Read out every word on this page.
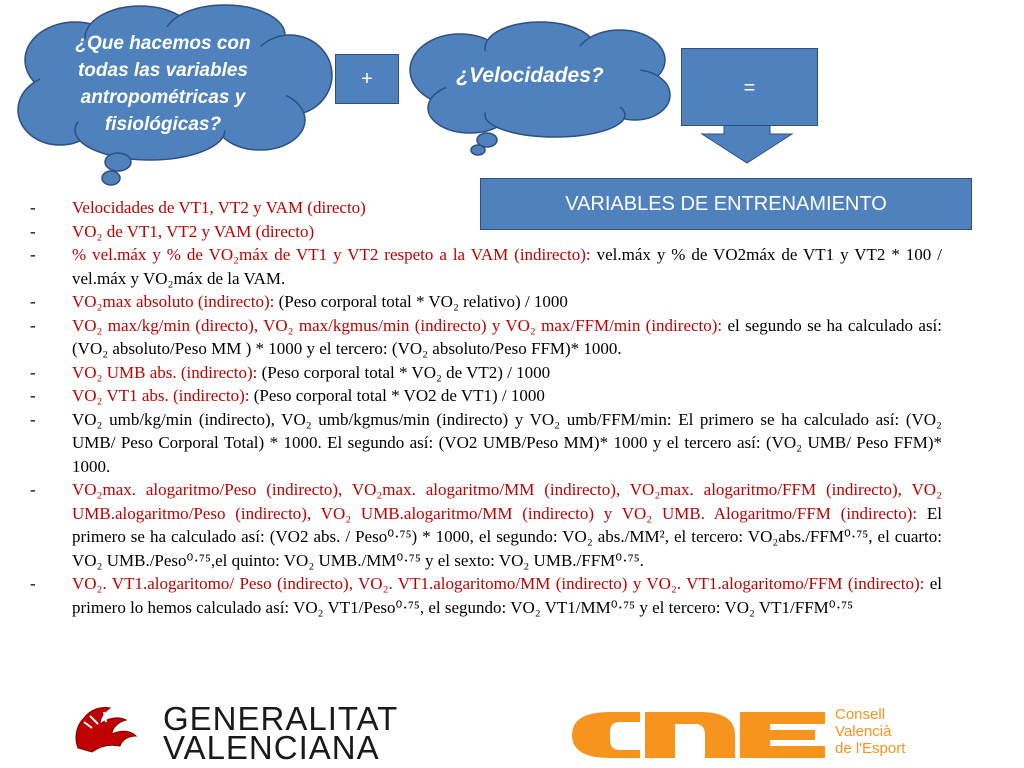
¿Que hacemos con todas las variables antropométricas y fisiológicas?
¿Velocidades?
+	=
VARIABLES DE ENTRENAMIENTO
- Velocidades de VT1, VT2 y VAM (directo)
- VO₂ de VT1, VT2 y VAM (directo)
- % vel.máx y % de VO₂máx de VT1 y VT2 respeto a la VAM (indirecto): vel.máx y % de VO2máx de VT1 y VT2 * 100 / vel.máx y VO₂máx de la VAM.
- VO₂max absoluto (indirecto): (Peso corporal total * VO₂ relativo) / 1000
- VO₂ max/kg/min (directo), VO₂ max/kgmus/min (indirecto) y VO₂ max/FFM/min (indirecto): el segundo se ha calculado así: (VO₂ absoluto/Peso MM ) * 1000 y el tercero: (VO₂ absoluto/Peso FFM)* 1000.
- VO₂ UMB abs. (indirecto): (Peso corporal total * VO₂ de VT2) / 1000
- VO₂ VT1 abs. (indirecto): (Peso corporal total * VO2 de VT1) / 1000
- VO₂ umb/kg/min (indirecto), VO₂ umb/kgmus/min (indirecto) y VO₂ umb/FFM/min: El primero se ha calculado así: (VO₂ UMB/ Peso Corporal Total) * 1000. El segundo así: (VO2 UMB/Peso MM)* 1000 y el tercero así: (VO₂ UMB/ Peso FFM)* 1000.
- VO₂max. alogaritmo/Peso (indirecto), VO₂max. alogaritmo/MM (indirecto), VO₂max. alogaritmo/FFM (indirecto), VO₂ UMB.alogaritmo/Peso (indirecto), VO₂ UMB.alogaritmo/MM (indirecto) y VO₂ UMB. Alogaritmo/FFM (indirecto): El primero se ha calculado así: (VO2 abs. / Peso⁰·⁷⁵) * 1000, el segundo: VO₂ abs./MM², el tercero: VO₂abs./FFM⁰·⁷⁵, el cuarto: VO₂ UMB./Peso⁰·⁷⁵,el quinto: VO₂ UMB./MM⁰·⁷⁵ y el sexto: VO₂ UMB./FFM⁰·⁷⁵.
- VO₂. VT1.alogaritomo/ Peso (indirecto), VO₂. VT1.alogaritomo/MM (indirecto) y VO₂. VT1.alogaritomo/FFM (indirecto): el primero lo hemos calculado así: VO₂ VT1/Peso⁰·⁷⁵, el segundo: VO₂ VT1/MM⁰·⁷⁵ y el tercero: VO₂ VT1/FFM⁰·⁷⁵
GENERALITAT
VALENCIANA
Consell
Valencià
de l'Esport
